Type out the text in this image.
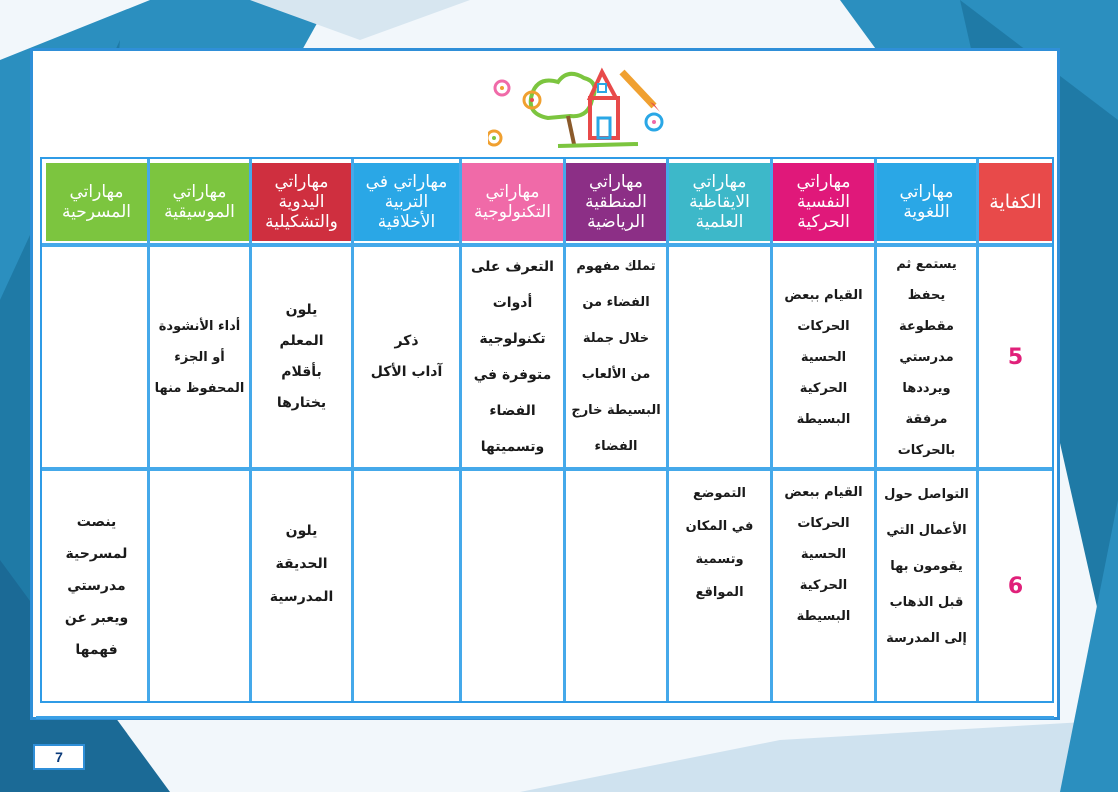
الكفاية
مهاراتي
اللغوية
مهاراتي
النفسية
الحركية
مهاراتي
الايقاظية
العلمية
مهاراتي
المنطقية
الرياضية
مهاراتي
التكنولوجية
مهاراتي في
التربية
الأخلاقية
مهاراتي
اليدوية
والتشكيلية
مهاراتي
الموسيقية
مهاراتي
المسرحية
5
يستمع ثم يحفظ
مقطوعة
مدرستي
ويرددها مرفقة
بالحركات
القيام ببعض
الحركات
الحسية الحركية
البسيطة
تملك مفهوم
الفضاء من
خلال جملة
من الألعاب
البسيطة خارج
الفضاء
التعرف على
أدوات
تكنولوجية
متوفرة في
الفضاء
وتسميتها
ذكر
آداب الأكل
يلون
المعلم
بأقلام
يختارها
أداء الأنشودة
أو الجزء
المحفوظ منها
6
التواصل حول
الأعمال التي
يقومون بها
قبل الذهاب
إلى المدرسة
القيام ببعض
الحركات الحسية
الحركية البسيطة
التموضع
في المكان
وتسمية
المواقع
يلون
الحديقة
المدرسية
ينصت
لمسرحية
مدرستي
ويعبر عن
فهمها
7
